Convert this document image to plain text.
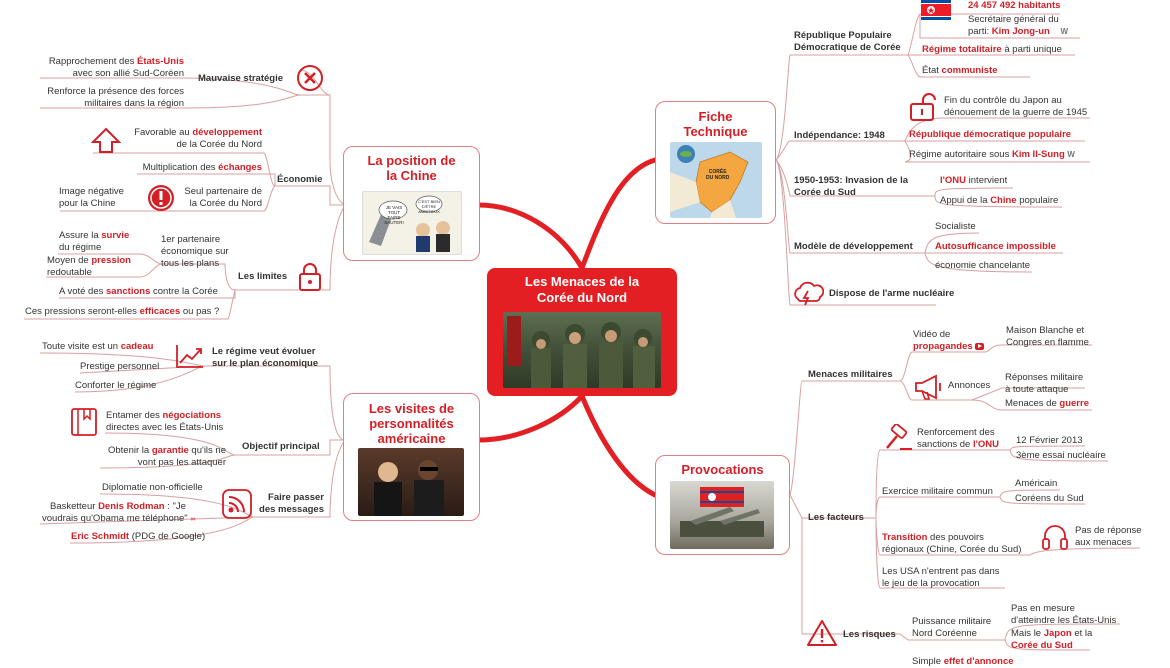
Les Menaces de la
Corée du Nord
La position de
la Chine
JE VAIS TOUT FAIRE SAUTER!
C'EST BIEN D'ÊTRE AMBITIEUX
Les visites de
personnalités
américaine
Fiche
Technique
CORÉE
DU NORD
Provocations
Mauvaise stratégie
Rapprochement des États-Unis
avec son allié Sud-Coréen
Renforce la présence des forces
militaires dans la région
Économie
Favorable au développement
de la Corée du Nord
Multiplication des échanges
Seul partenaire de
la Corée du Nord
Image négative
pour la Chine
Les limites
1er partenaire
économique sur
tous les plans
Assure la survie
du régime
Moyen de pression
redoutable
A voté des sanctions contre la Corée
Ces pressions seront-elles efficaces ou pas ?
Le régime veut évoluer
sur le plan économique
Toute visite est un cadeau
Prestige personnel
Conforter le régime
Entamer des négociations
directes avec les États-Unis
Objectif principal
Obtenir la garantie qu'ils ne
vont pas les attaquer
Faire passer
des messages
Diplomatie non-officielle
Basketteur Denis Rodman : "Je
voudrais qu'Obama me téléphone" ∞
Eric Schmidt (PDG de Google)
République Populaire
Démocratique de Corée
24 457 492 habitants
Secrétaire général du
parti: Kim Jong-un W
Régime totalitaire à parti unique
État communiste
Indépendance: 1948
Fin du contrôle du Japon au
dénouement de la guerre de 1945
République démocratique populaire
Régime autoritaire sous Kim II-Sung W
1950-1953: Invasion de la
Corée du Sud
l'ONU intervient
Appui de la Chine populaire
Modèle de développement
Socialiste
Autosufficance impossible
économie chancelante
Dispose de l'arme nucléaire
Menaces militaires
Vidéo de
propagandes
Maison Blanche et
Congres en flamme
Annonces
Réponses militaire
à toute attaque
Menaces de guerre
Les facteurs
Renforcement des
sanctions de l'ONU 12 Février 2013
3ème essai nucléaire
Exercice militaire commun
Américain
Coréens du Sud
Transition des pouvoirs
régionaux (Chine, Corée du Sud)
Pas de réponse
aux menaces
Les USA n'entrent pas dans
le jeu de la provocation
Les risques
Puissance militaire
Nord Coréenne
Pas en mesure
d'atteindre les États-Unis
Mais le Japon et la
Corée du Sud
Simple effet d'annonce
